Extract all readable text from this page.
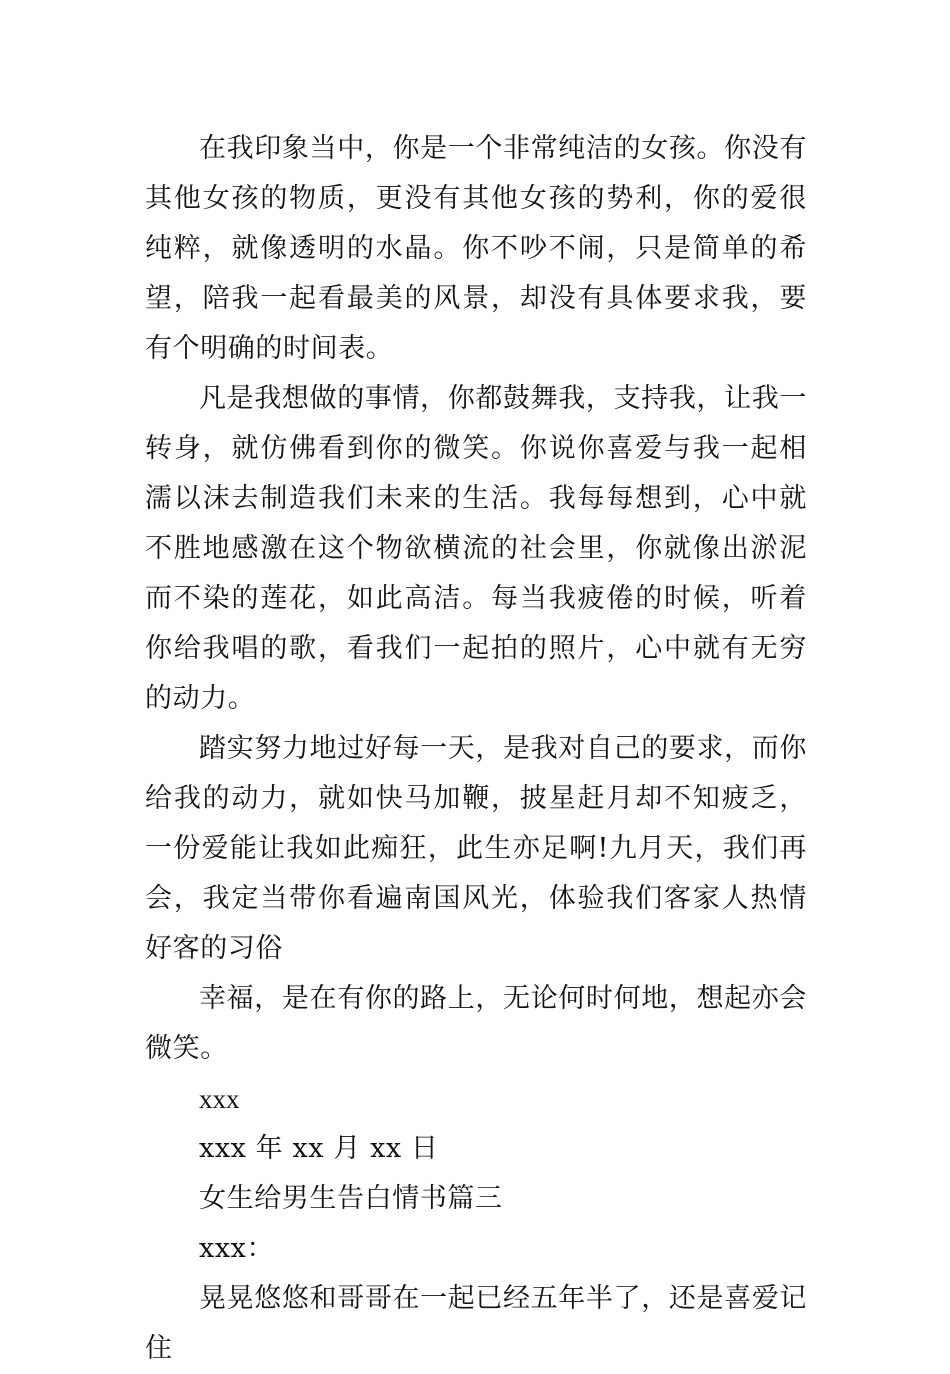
在我印象当中，你是一个非常纯洁的女孩。你没有其他女孩的物质，更没有其他女孩的势利，你的爱很纯粹，就像透明的水晶。你不吵不闹，只是简单的希望，陪我一起看最美的风景，却没有具体要求我，要有个明确的时间表。

凡是我想做的事情，你都鼓舞我，支持我，让我一转身，就仿佛看到你的微笑。你说你喜爱与我一起相濡以沫去制造我们未来的生活。我每每想到，心中就不胜地感激在这个物欲横流的社会里，你就像出淤泥而不染的莲花，如此高洁。每当我疲倦的时候，听着你给我唱的歌，看我们一起拍的照片，心中就有无穷的动力。

踏实努力地过好每一天，是我对自己的要求，而你给我的动力，就如快马加鞭，披星赶月却不知疲乏，一份爱能让我如此痴狂，此生亦足啊!九月天，我们再会，我定当带你看遍南国风光，体验我们客家人热情好客的习俗

幸福，是在有你的路上，无论何时何地，想起亦会微笑。

xxx

xxx 年 xx 月 xx 日

女生给男生告白情书篇三

xxx：

晃晃悠悠和哥哥在一起已经五年半了，还是喜爱记住
